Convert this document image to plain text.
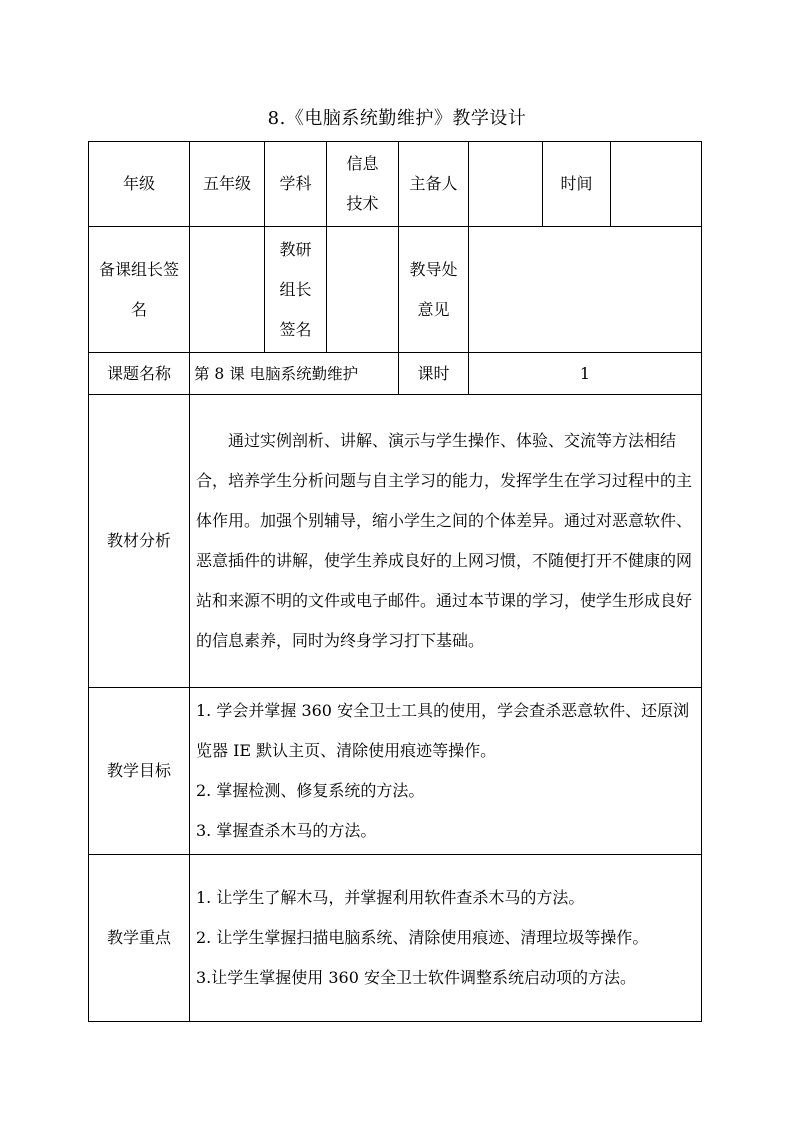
8.《电脑系统勤维护》教学设计
年级	五年级	学科	信息技术	主备人		时间	
备课组长签名		教研组长签名		教导处意见			
课题名称	第 8 课 电脑系统勤维护			课时	1		
教材分析	通过实例剖析、讲解、演示与学生操作、体验、交流等方法相结合，培养学生分析问题与自主学习的能力，发挥学生在学习过程中的主体作用。加强个别辅导，缩小学生之间的个体差异。通过对恶意软件、恶意插件的讲解，使学生养成良好的上网习惯，不随便打开不健康的网站和来源不明的文件或电子邮件。通过本节课的学习，使学生形成良好的信息素养，同时为终身学习打下基础。						

教学目标	1. 学会并掌握 360 安全卫士工具的使用，学会查杀恶意软件、还原浏览器 IE 默认主页、清除使用痕迹等操作。
2. 掌握检测、修复系统的方法。
3. 掌握查杀木马的方法。						

教学重点	1. 让学生了解木马，并掌握利用软件查杀木马的方法。
2. 让学生掌握扫描电脑系统、清除使用痕迹、清理垃圾等操作。
3.让学生掌握使用 360 安全卫士软件调整系统启动项的方法。						
